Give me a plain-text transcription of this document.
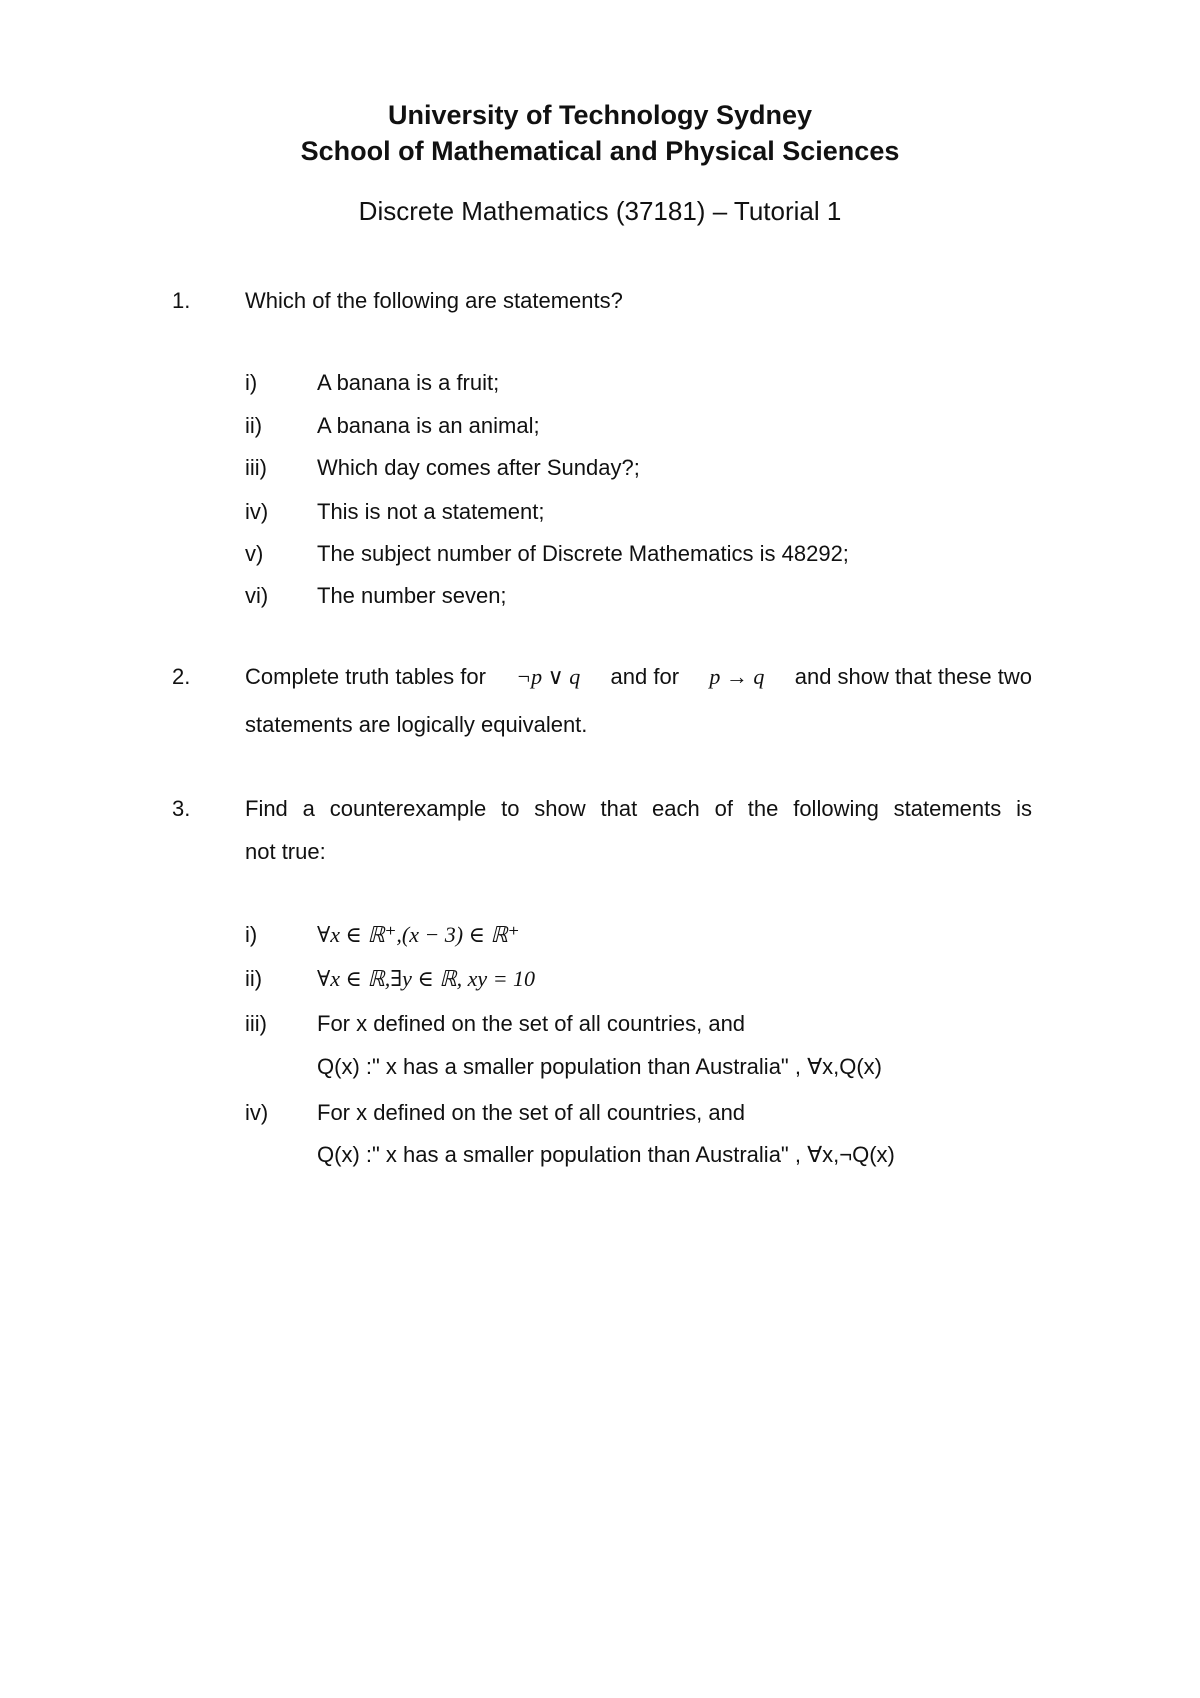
University of Technology Sydney
School of Mathematical and Physical Sciences
Discrete Mathematics (37181) – Tutorial 1
1. Which of the following are statements?
i)	A banana is a fruit;
ii) A banana is an animal;
iii) Which day comes after Sunday?;
iv) This is not a statement;
v) The subject number of Discrete Mathematics is 48292;
vi) The number seven;
2. Complete truth tables for ¬p ∨ q and for p → q and show that these two
statements are logically equivalent.
3. Find a counterexample to show that each of the following statements is
not true:
i)	∀x ∈ ℝ⁺,(x − 3) ∈ ℝ⁺
ii) ∀x ∈ ℝ,∃y ∈ ℝ, xy = 10
iii) For x defined on the set of all countries, and
Q(x) :" x has a smaller population than Australia" , ∀x,Q(x)
iv) For x defined on the set of all countries, and
Q(x) :" x has a smaller population than Australia" , ∀x,¬Q(x)
